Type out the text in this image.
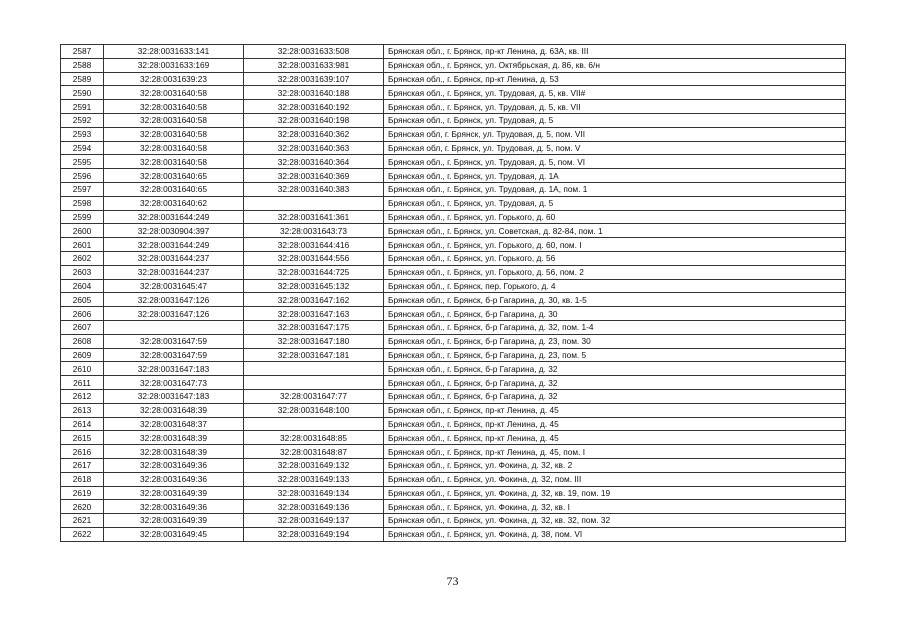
2587	32:28:0031633:141	32:28:0031633:508	Брянская обл., г. Брянск, пр-кт Ленина, д. 63А, кв. III
2588	32:28:0031633:169	32:28:0031633:981	Брянская обл., г. Брянск, ул. Октябрьская, д. 86, кв. 6/н
2589	32:28:0031639:23	32:28:0031639:107	Брянская обл., г. Брянск, пр-кт Ленина, д. 53
2590	32:28:0031640:58	32:28:0031640:188	Брянская обл., г. Брянск, ул. Трудовая, д. 5, кв. VII#
2591	32:28:0031640:58	32:28:0031640:192	Брянская обл., г. Брянск, ул. Трудовая, д. 5, кв. VII
2592	32:28:0031640:58	32:28:0031640:198	Брянская обл., г. Брянск, ул. Трудовая, д. 5
2593	32:28:0031640:58	32:28:0031640:362	Брянская обл, г. Брянск, ул. Трудовая, д. 5, пом. VII
2594	32:28:0031640:58	32:28:0031640:363	Брянская обл, г. Брянск, ул. Трудовая, д. 5, пом. V
2595	32:28:0031640:58	32:28:0031640:364	Брянская обл., г. Брянск, ул. Трудовая, д. 5, пом. VI
2596	32:28:0031640:65	32:28:0031640:369	Брянская обл., г. Брянск, ул. Трудовая, д. 1А
2597	32:28:0031640:65	32:28:0031640:383	Брянская обл., г. Брянск, ул. Трудовая, д. 1А, пом. 1
2598	32:28:0031640:62		Брянская обл., г. Брянск, ул. Трудовая, д. 5
2599	32:28:0031644:249	32:28:0031641:361	Брянская обл., г. Брянск, ул. Горького, д. 60
2600	32:28:0030904:397	32:28:0031643:73	Брянская обл., г. Брянск, ул. Советская, д. 82-84, пом. 1
2601	32:28:0031644:249	32:28:0031644:416	Брянская обл., г. Брянск, ул. Горького, д. 60, пом. I
2602	32:28:0031644:237	32:28:0031644:556	Брянская обл., г. Брянск, ул. Горького, д. 56
2603	32:28:0031644:237	32:28:0031644:725	Брянская обл., г. Брянск, ул. Горького, д. 56, пом. 2
2604	32:28:0031645:47	32:28:0031645:132	Брянская обл., г. Брянск, пер. Горького, д. 4
2605	32:28:0031647:126	32:28:0031647:162	Брянская обл., г. Брянск, б-р Гагарина, д. 30, кв. 1-5
2606	32:28:0031647:126	32:28:0031647:163	Брянская обл., г. Брянск, б-р Гагарина, д. 30
2607		32:28:0031647:175	Брянская обл., г. Брянск, б-р Гагарина, д. 32, пом. 1-4
2608	32:28:0031647:59	32:28:0031647:180	Брянская обл., г. Брянск, б-р Гагарина, д. 23, пом. 30
2609	32:28:0031647:59	32:28:0031647:181	Брянская обл., г. Брянск, б-р Гагарина, д. 23, пом. 5
2610	32:28:0031647:183		Брянская обл., г. Брянск, б-р Гагарина, д. 32
2611	32:28:0031647:73		Брянская обл., г. Брянск, б-р Гагарина, д. 32
2612	32:28:0031647:183	32:28:0031647:77	Брянская обл., г. Брянск, б-р Гагарина, д. 32
2613	32:28:0031648:39	32:28:0031648:100	Брянская обл., г. Брянск, пр-кт Ленина, д. 45
2614	32:28:0031648:37		Брянская обл., г. Брянск, пр-кт Ленина, д. 45
2615	32:28:0031648:39	32:28:0031648:85	Брянская обл., г. Брянск, пр-кт Ленина, д. 45
2616	32:28:0031648:39	32:28:0031648:87	Брянская обл., г. Брянск, пр-кт Ленина, д. 45, пом. I
2617	32:28:0031649:36	32:28:0031649:132	Брянская обл., г. Брянск, ул. Фокина, д. 32, кв. 2
2618	32:28:0031649:36	32:28:0031649:133	Брянская обл., г. Брянск, ул. Фокина, д. 32, пом. III
2619	32:28:0031649:39	32:28:0031649:134	Брянская обл., г. Брянск, ул. Фокина, д. 32, кв. 19, пом. 19
2620	32:28:0031649:36	32:28:0031649:136	Брянская обл., г. Брянск, ул. Фокина, д. 32, кв. I
2621	32:28:0031649:39	32:28:0031649:137	Брянская обл., г. Брянск, ул. Фокина, д. 32, кв. 32, пом. 32
2622	32:28:0031649:45	32:28:0031649:194	Брянская обл., г. Брянск, ул. Фокина, д. 38, пом. VI
73
